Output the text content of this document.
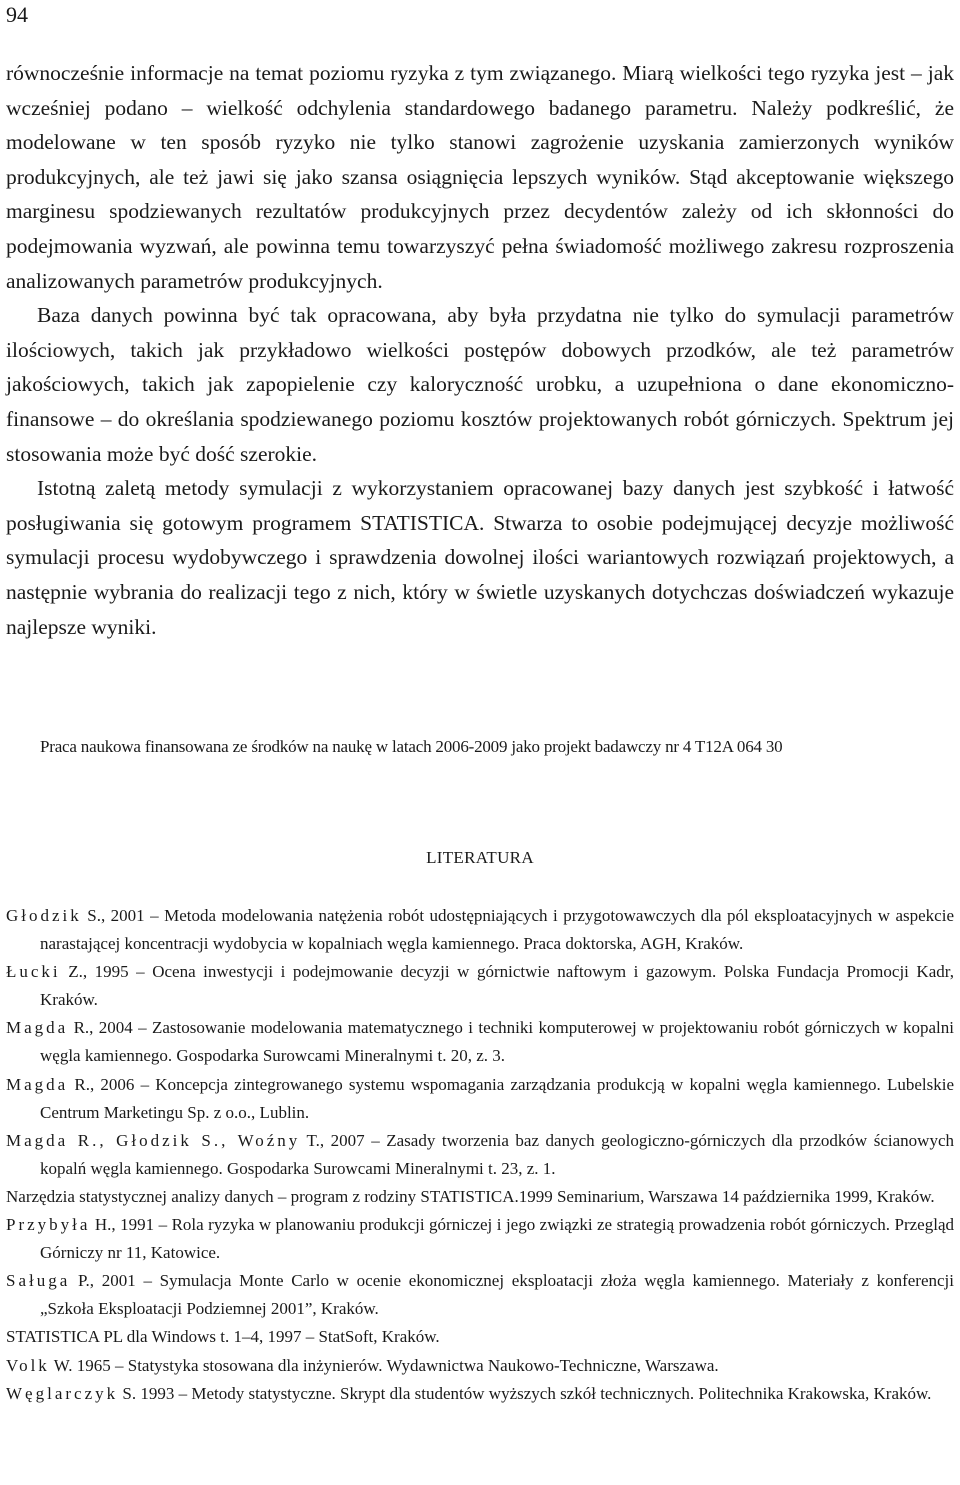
94

równocześnie informacje na temat poziomu ryzyka z tym związanego. Miarą wielkości tego ryzyka jest – jak wcześniej podano – wielkość odchylenia standardowego badanego parametru. Należy podkreślić, że modelowane w ten sposób ryzyko nie tylko stanowi zagrożenie uzyskania zamierzonych wyników produkcyjnych, ale też jawi się jako szansa osiągnięcia lepszych wyników. Stąd akceptowanie większego marginesu spodziewanych rezultatów produkcyjnych przez decydentów zależy od ich skłonności do podejmowania wyzwań, ale powinna temu towarzyszyć pełna świadomość możliwego zakresu rozproszenia analizowanych parametrów produkcyjnych.

Baza danych powinna być tak opracowana, aby była przydatna nie tylko do symulacji parametrów ilościowych, takich jak przykładowo wielkości postępów dobowych przodków, ale też parametrów jakościowych, takich jak zapopielenie czy kaloryczność urobku, a uzupełniona o dane ekonomiczno-finansowe – do określania spodziewanego poziomu kosztów projektowanych robót górniczych. Spektrum jej stosowania może być dość szerokie.

Istotną zaletą metody symulacji z wykorzystaniem opracowanej bazy danych jest szybkość i łatwość posługiwania się gotowym programem STATISTICA. Stwarza to osobie podejmującej decyzje możliwość symulacji procesu wydobywczego i sprawdzenia dowolnej ilości wariantowych rozwiązań projektowych, a następnie wybrania do realizacji tego z nich, który w świetle uzyskanych dotychczas doświadczeń wykazuje najlepsze wyniki.

Praca naukowa finansowana ze środków na naukę w latach 2006-2009 jako projekt badawczy nr 4 T12A 064 30
LITERATURA

Głodzik S., 2001 – Metoda modelowania natężenia robót udostępniających i przygotowawczych dla pól eksploatacyjnych w aspekcie narastającej koncentracji wydobycia w kopalniach węgla kamiennego. Praca doktorska, AGH, Kraków.

Łucki Z., 1995 – Ocena inwestycji i podejmowanie decyzji w górnictwie naftowym i gazowym. Polska Fundacja Promocji Kadr, Kraków.

Magda R., 2004 – Zastosowanie modelowania matematycznego i techniki komputerowej w projektowaniu robót górniczych w kopalni węgla kamiennego. Gospodarka Surowcami Mineralnymi t. 20, z. 3.

Magda R., 2006 – Koncepcja zintegrowanego systemu wspomagania zarządzania produkcją w kopalni węgla kamiennego. Lubelskie Centrum Marketingu Sp. z o.o., Lublin.

Magda R., Głodzik S., Woźny T., 2007 – Zasady tworzenia baz danych geologiczno-górniczych dla przodków ścianowych kopalń węgla kamiennego. Gospodarka Surowcami Mineralnymi t. 23, z. 1.

Narzędzia statystycznej analizy danych – program z rodziny STATISTICA.1999 Seminarium, Warszawa 14 października 1999, Kraków.

Przybyła H., 1991 – Rola ryzyka w planowaniu produkcji górniczej i jego związki ze strategią prowadzenia robót górniczych. Przegląd Górniczy nr 11, Katowice.

Saługa P., 2001 – Symulacja Monte Carlo w ocenie ekonomicznej eksploatacji złoża węgla kamiennego. Materiały z konferencji „Szkoła Eksploatacji Podziemnej 2001”, Kraków.

STATISTICA PL dla Windows t. 1–4, 1997 – StatSoft, Kraków.

Volk W. 1965 – Statystyka stosowana dla inżynierów. Wydawnictwa Naukowo-Techniczne, Warszawa.

Węglarczyk S. 1993 – Metody statystyczne. Skrypt dla studentów wyższych szkół technicznych. Politechnika Krakowska, Kraków.
